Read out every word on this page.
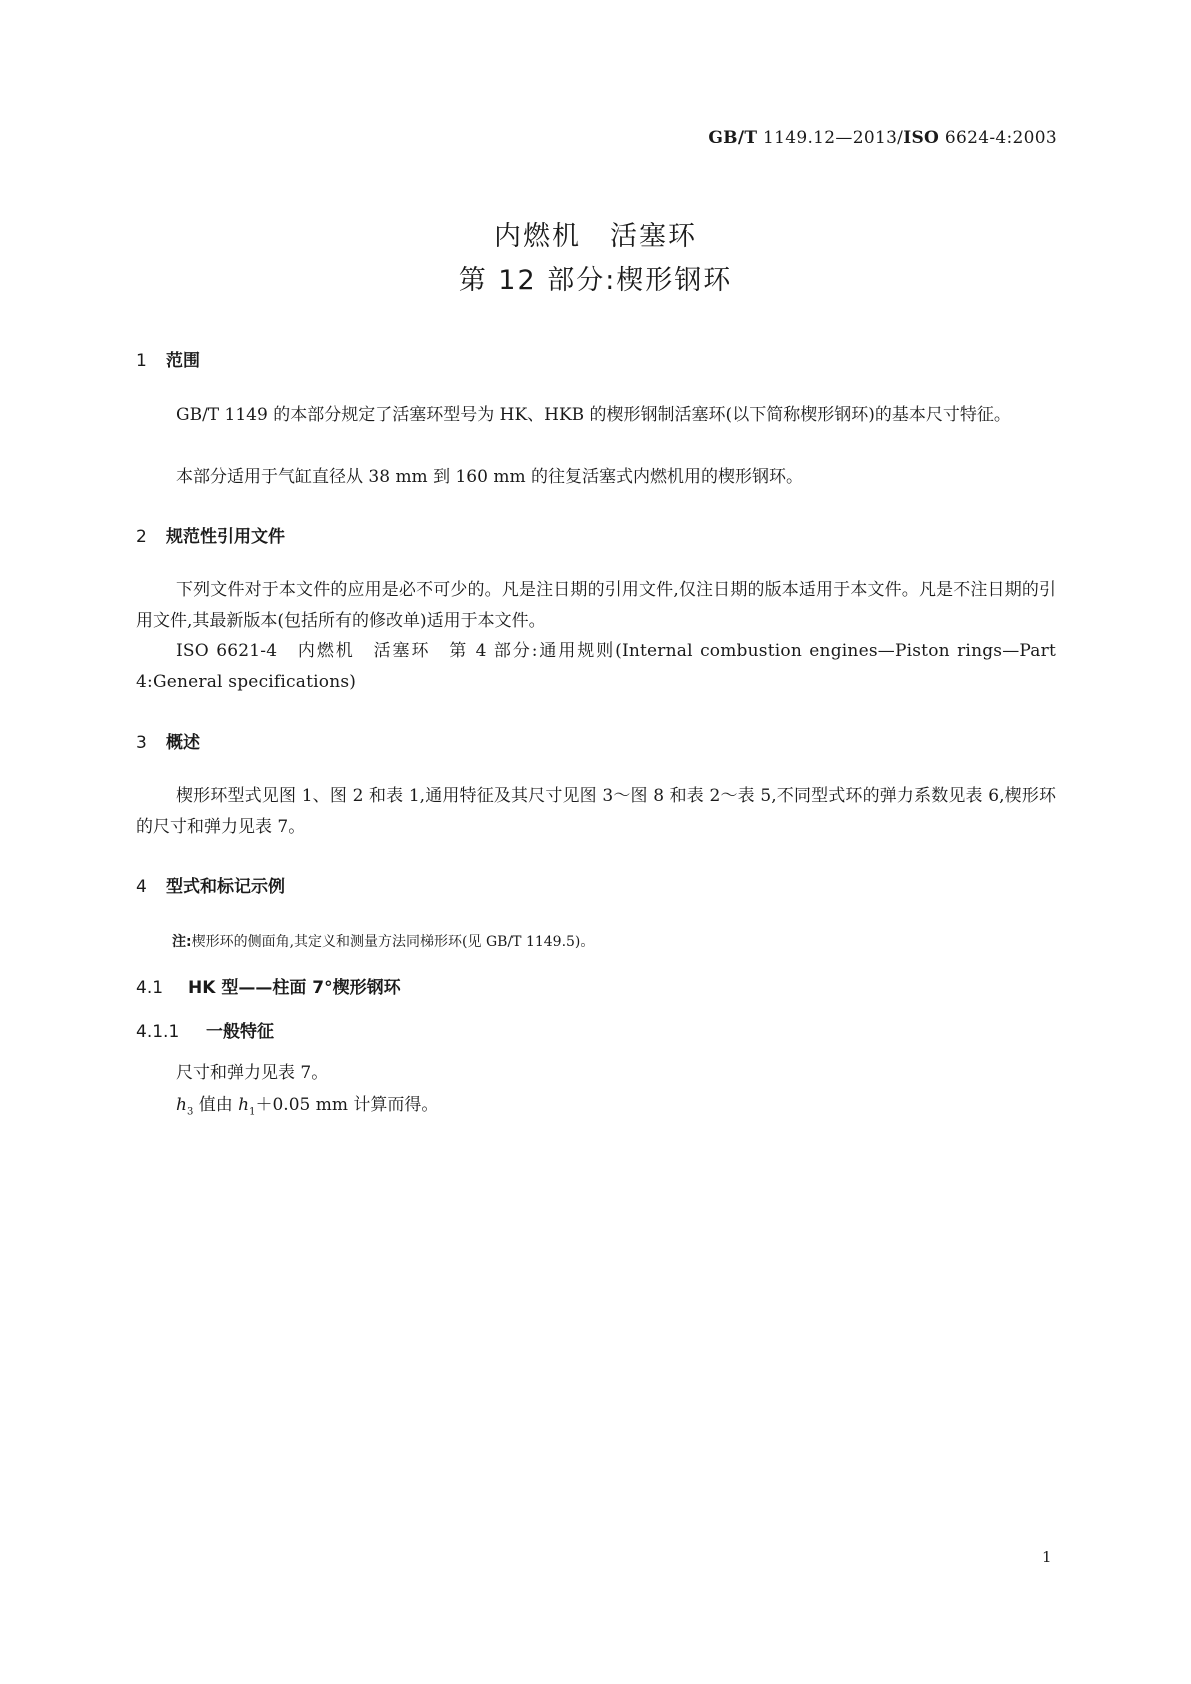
GB/T 1149.12—2013/ISO 6624-4:2003
内燃机　活塞环
第 12 部分:楔形钢环
1 范围
GB/T 1149 的本部分规定了活塞环型号为 HK、HKB 的楔形钢制活塞环(以下简称楔形钢环)的基本尺寸特征。
本部分适用于气缸直径从 38 mm 到 160 mm 的往复活塞式内燃机用的楔形钢环。
2 规范性引用文件
下列文件对于本文件的应用是必不可少的。凡是注日期的引用文件,仅注日期的版本适用于本文件。凡是不注日期的引用文件,其最新版本(包括所有的修改单)适用于本文件。
ISO 6621-4　内燃机　活塞环　第 4 部分:通用规则(Internal combustion engines—Piston rings—Part 4:General specifications)
3 概述
楔形环型式见图 1、图 2 和表 1,通用特征及其尺寸见图 3～图 8 和表 2～表 5,不同型式环的弹力系数见表 6,楔形环的尺寸和弹力见表 7。
4 型式和标记示例
注:楔形环的侧面角,其定义和测量方法同梯形环(见 GB/T 1149.5)。
4.1 HK 型——柱面 7°楔形钢环
4.1.1 一般特征
尺寸和弹力见表 7。
$h_3$ 值由 $h_1+0.05$ mm 计算而得。
1
